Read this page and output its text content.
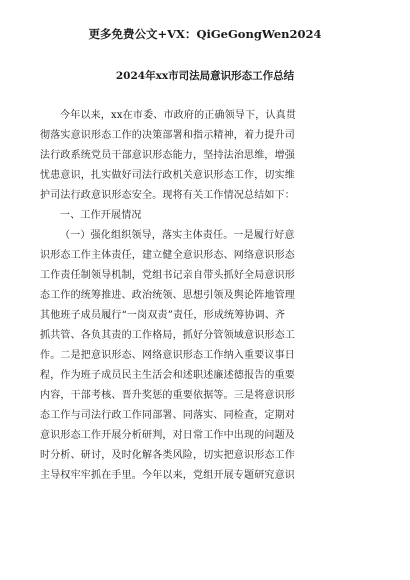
更多免费公文+VX：QiGeGongWen2024
2024年xx市司法局意识形态工作总结
今年以来，xx在市委、市政府的正确领导下，认真贯
彻落实意识形态工作的决策部署和指示精神，着力提升司
法行政系统党员干部意识形态能力，坚持法治思维，增强
忧患意识，扎实做好司法行政机关意识形态工作，切实维
护司法行政意识形态安全。现将有关工作情况总结如下：
一、工作开展情况
（一）强化组织领导，落实主体责任。一是履行好意
识形态工作主体责任，建立健全意识形态、网络意识形态
工作责任制领导机制，党组书记亲自带头抓好全局意识形
态工作的统筹推进、政治统领、思想引领及舆论阵地管理
其他班子成员履行“一岗双责”责任，形成统筹协调、齐
抓共管、各负其责的工作格局，抓好分管领域意识形态工
作。二是把意识形态、网络意识形态工作纳入重要议事日
程，作为班子成员民主生活会和述职述廉述德报告的重要
内容，干部考核、晋升奖惩的重要依据等。三是将意识形
态工作与司法行政工作同部署、同落实、同检查，定期对
意识形态工作开展分析研判，对日常工作中出现的问题及
时分析、研讨，及时化解各类风险，切实把意识形态工作
主导权牢牢抓在手里。今年以来，党组开展专题研究意识
